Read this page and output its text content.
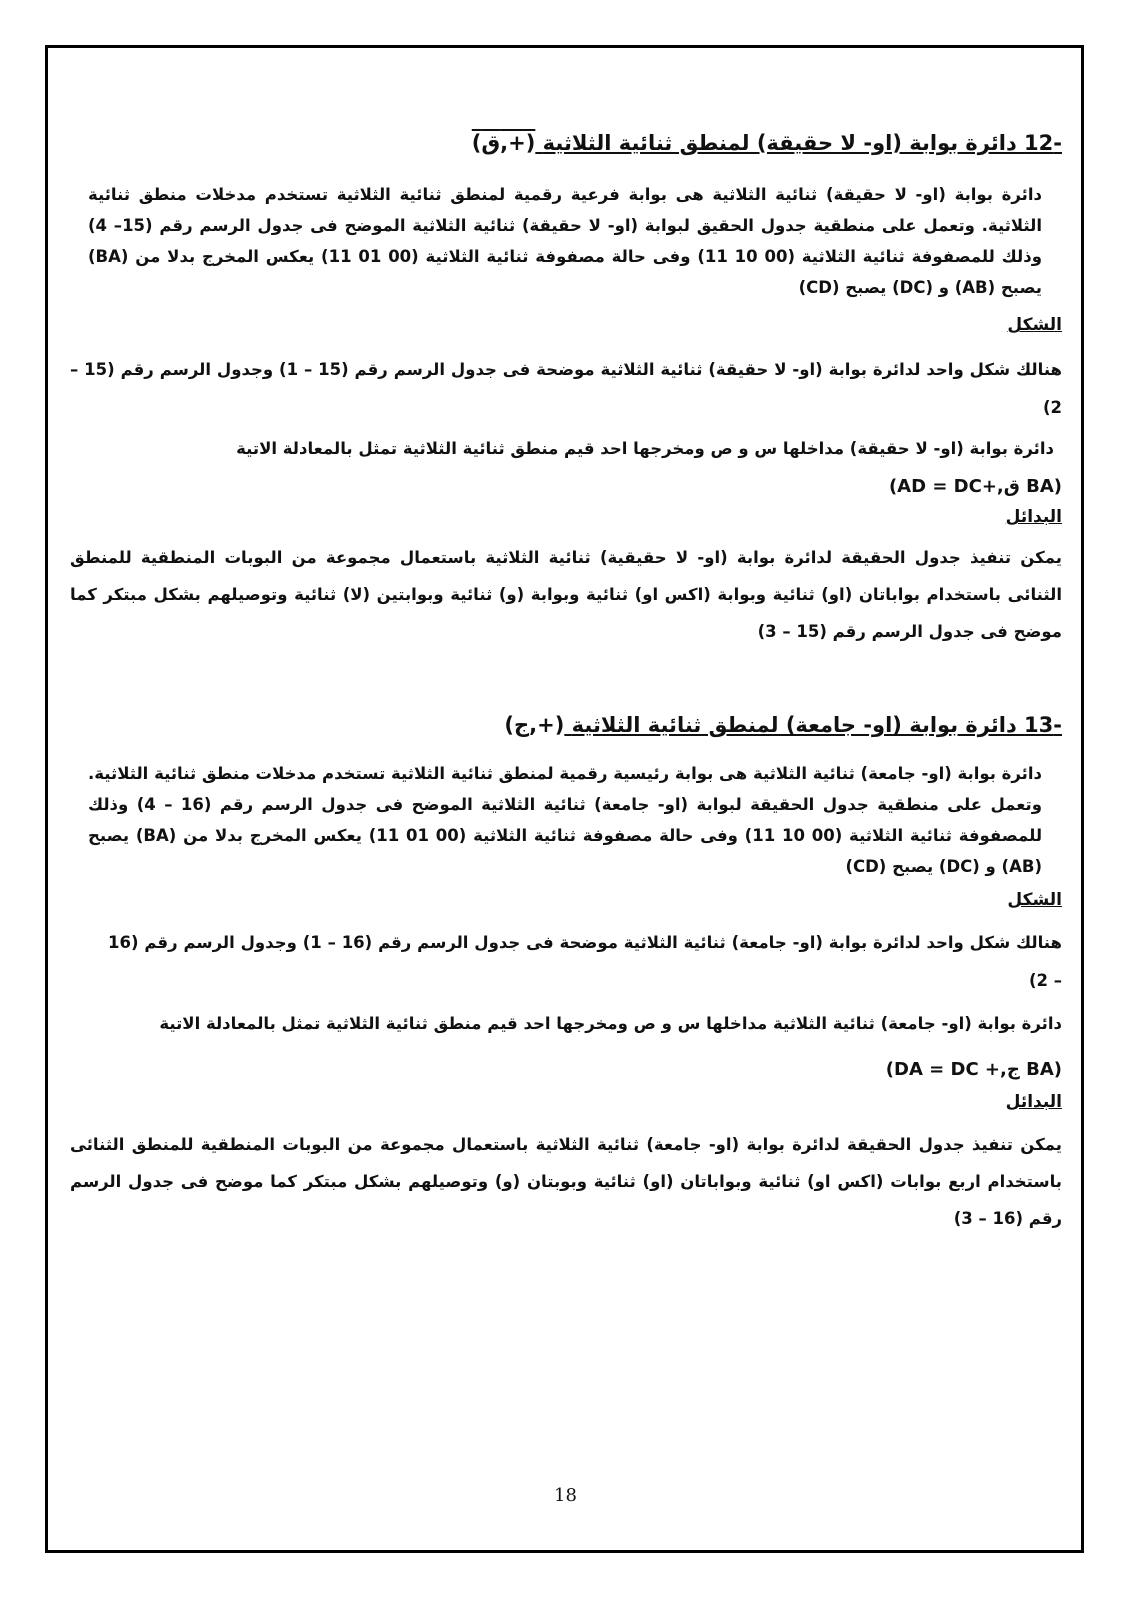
-12 دائرة بوابة (او- لا حقيقة) لمنطق ثنائية الثلاثية (ق,+)

دائرة بوابة (او- لا حقيقة) ثنائية الثلاثية هى بوابة فرعية رقمية لمنطق ثنائية الثلاثية تستخدم مدخلات منطق ثنائية الثلاثية. وتعمل على منطقية جدول الحقيق لبوابة (او- لا حقيقة) ثنائية الثلاثية الموضح فى جدول الرسم رقم (15– 4) وذلك للمصفوفة ثنائية الثلاثية (00 10 11) وفى حالة مصفوفة ثنائية الثلاثية (00 01 11) يعكس المخرج بدلا من (BA) يصبح (AB) و (DC) يصبح (CD)

الشكل

هنالك شكل واحد لدائرة بوابة (او- لا حقيقة) ثنائية الثلاثية موضحة فى جدول الرسم رقم (15 – 1) وجدول الرسم رقم (15 – 2)

دائرة بوابة (او- لا حقيقة) مداخلها س و ص ومخرجها احد قيم منطق ثنائية الثلاثية تمثل بالمعادلة الاتية

(AD = DC+,ق BA)

البدائل

يمكن تنفيذ جدول الحقيقة لدائرة بوابة (او- لا حقيقية) ثنائية الثلاثية باستعمال مجموعة من البوبات المنطقية للمنطق الثنائى باستخدام بواباتان (او) ثنائية وبوابة (اكس او) ثنائية وبوابة (و) ثنائية وبوابتين (لا) ثنائية وتوصيلهم بشكل مبتكر كما موضح فى جدول الرسم رقم (15 – 3)

-13 دائرة بوابة (او- جامعة) لمنطق ثنائية الثلاثية (ج,+)

دائرة بوابة (او- جامعة) ثنائية الثلاثية هى بوابة رئيسية رقمية لمنطق ثنائية الثلاثية تستخدم مدخلات منطق ثنائية الثلاثية. وتعمل على منطقية جدول الحقيقة لبوابة (او- جامعة) ثنائية الثلاثية الموضح فى جدول الرسم رقم (16 – 4) وذلك للمصفوفة ثنائية الثلاثية (00 10 11) وفى حالة مصفوفة ثنائية الثلاثية (00 01 11) يعكس المخرج بدلا من (BA) يصبح (AB) و (DC) يصبح (CD)

الشكل

هنالك شكل واحد لدائرة بوابة (او- جامعة) ثنائية الثلاثية موضحة فى جدول الرسم رقم (16 – 1) وجدول الرسم رقم (16 – 2)

دائرة بوابة (او- جامعة) ثنائية الثلاثية مداخلها س و ص ومخرجها احد قيم منطق ثنائية الثلاثية تمثل بالمعادلة الاتية

(DA = DC +,ج BA)

البدائل

يمكن تنفيذ جدول الحقيقة لدائرة بوابة (او- جامعة) ثنائية الثلاثية باستعمال مجموعة من البوبات المنطقية للمنطق الثنائى باستخدام اربع بوابات (اكس او) ثنائية وبواباتان (او) ثنائية وبوبتان (و) وتوصيلهم بشكل مبتكر كما موضح فى جدول الرسم رقم (16 – 3)

18
